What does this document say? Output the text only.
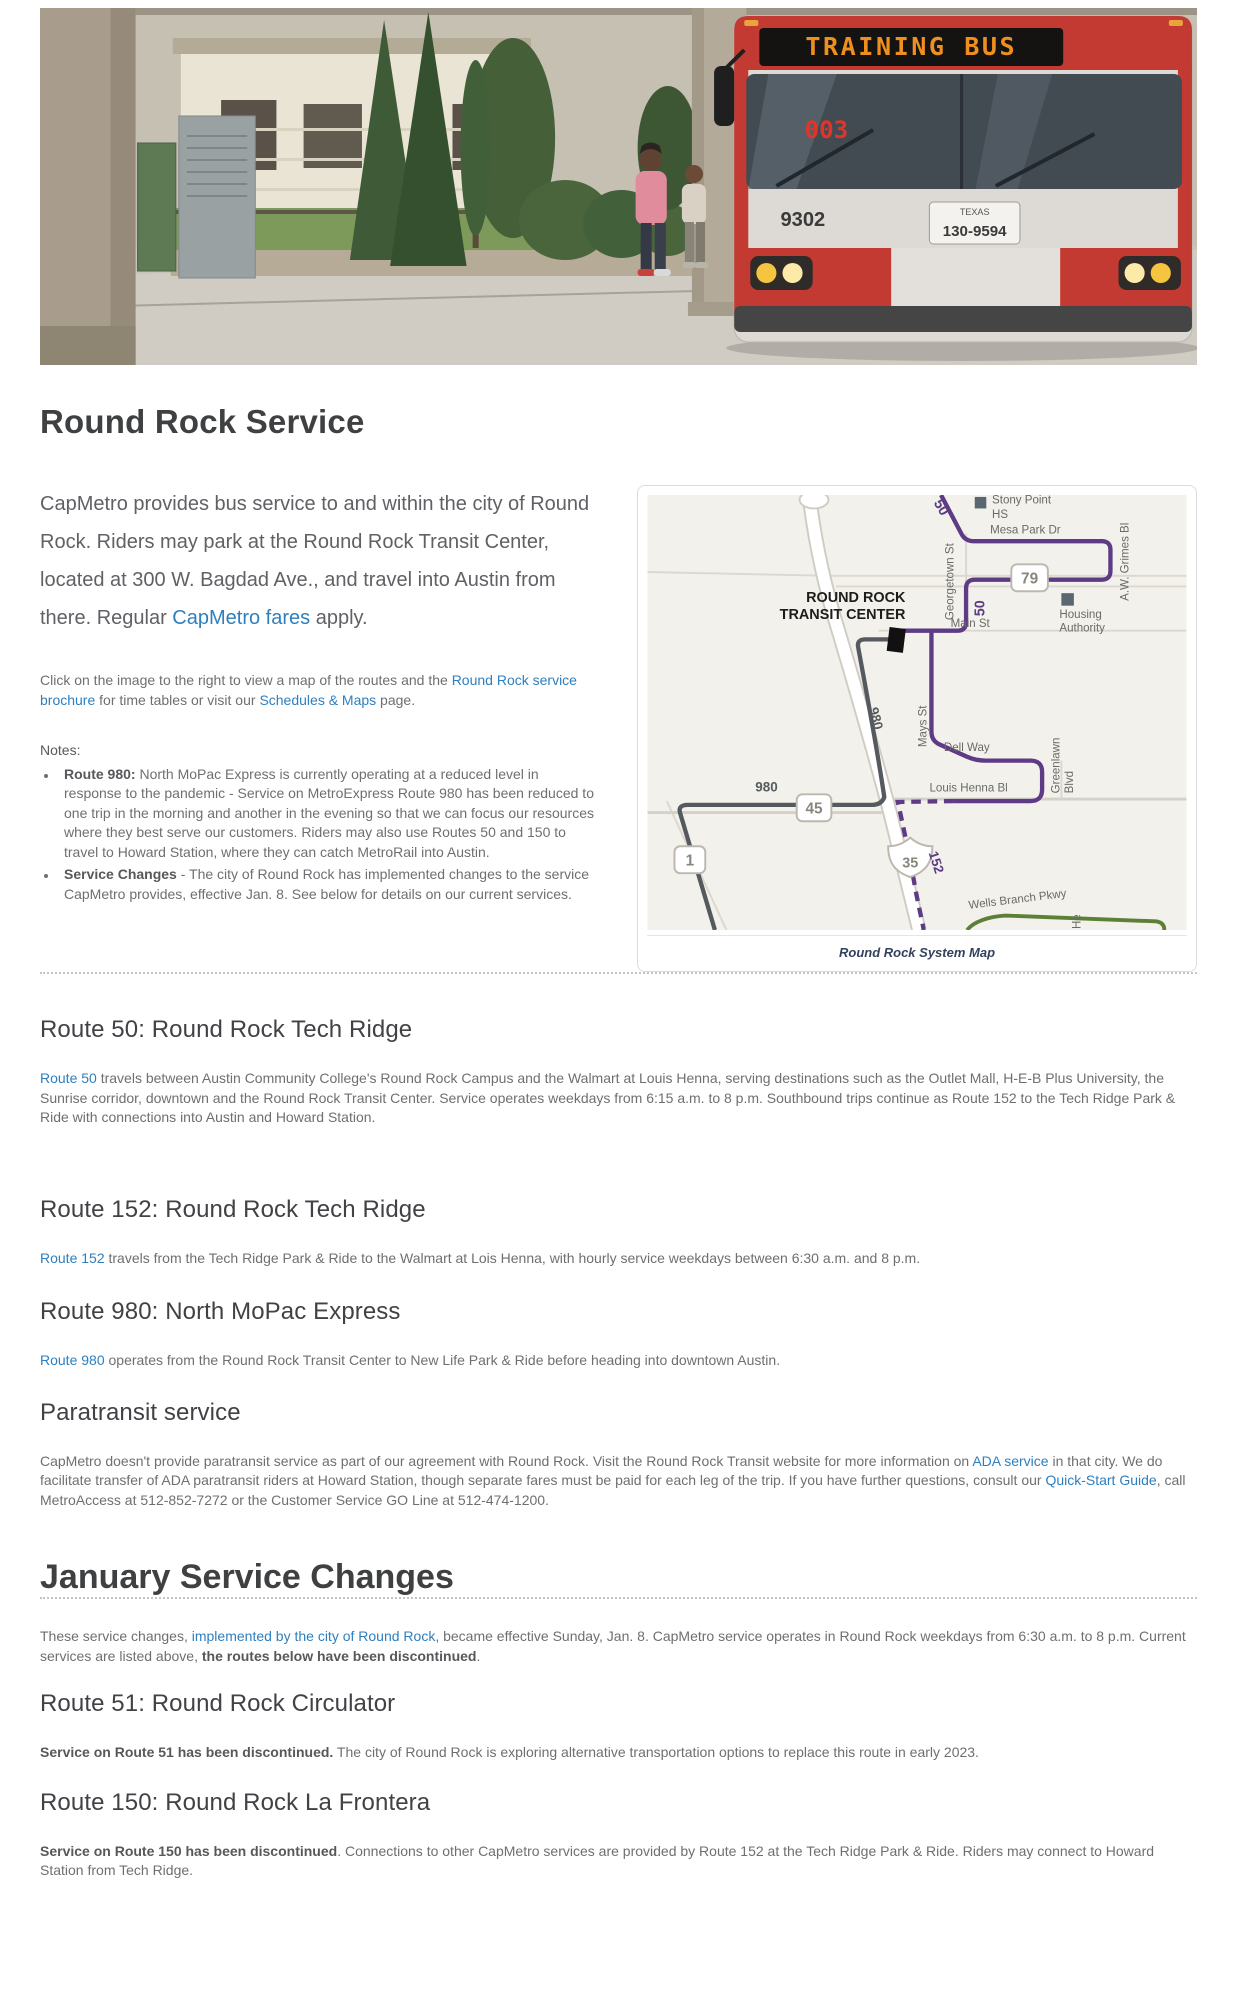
TRAINING BUS
003
9302	TEXAS
130-9594
Round Rock Service

CapMetro provides bus service to and within the city of Round Rock. Riders may park at the Round Rock Transit Center, located at 300 W. Bagdad Ave., and travel into Austin from there. Regular CapMetro fares apply.

Click on the image to the right to view a map of the routes and the Round Rock service brochure for time tables or visit our Schedules & Maps page.

Notes:

• Route 980: North MoPac Express is currently operating at a reduced level in response to the pandemic - Service on MetroExpress Route 980 has been reduced to one trip in the morning and another in the evening so that we can focus our resources where they best serve our customers. Riders may also use Routes 50 and 150 to travel to Howard Station, where they can catch MetroRail into Austin.
• Service Changes - The city of Round Rock has implemented changes to the service CapMetro provides, effective Jan. 8. See below for details on our current services.
79
45
1	35
50
50
980
980
152
Stony Point
HS
Mesa Park Dr	A.W. Grimes Bl
Georgetown St	Housing
Authority
Main St
Mays St
Dell Way
Louis Henna Bl	Greenlawn Blvd
Wells Branch Pkwy
He
ROUND ROCK
TRANSIT CENTER
Round Rock System Map
Route 50: Round Rock Tech Ridge

Route 50 travels between Austin Community College's Round Rock Campus and the Walmart at Louis Henna, serving destinations such as the Outlet Mall, H-E-B Plus University, the Sunrise corridor, downtown and the Round Rock Transit Center. Service operates weekdays from 6:15 a.m. to 8 p.m. Southbound trips continue as Route 152 to the Tech Ridge Park & Ride with connections into Austin and Howard Station.

Route 152: Round Rock Tech Ridge

Route 152 travels from the Tech Ridge Park & Ride to the Walmart at Lois Henna, with hourly service weekdays between 6:30 a.m. and 8 p.m.

Route 980: North MoPac Express

Route 980 operates from the Round Rock Transit Center to New Life Park & Ride before heading into downtown Austin.

Paratransit service

CapMetro doesn't provide paratransit service as part of our agreement with Round Rock. Visit the Round Rock Transit website for more information on ADA service in that city. We do facilitate transfer of ADA paratransit riders at Howard Station, though separate fares must be paid for each leg of the trip. If you have further questions, consult our Quick-Start Guide, call MetroAccess at 512-852-7272 or the Customer Service GO Line at 512-474-1200.

January Service Changes

These service changes, implemented by the city of Round Rock, became effective Sunday, Jan. 8. CapMetro service operates in Round Rock weekdays from 6:30 a.m. to 8 p.m. Current services are listed above, the routes below have been discontinued.

Route 51: Round Rock Circulator

Service on Route 51 has been discontinued. The city of Round Rock is exploring alternative transportation options to replace this route in early 2023.

Route 150: Round Rock La Frontera

Service on Route 150 has been discontinued. Connections to other CapMetro services are provided by Route 152 at the Tech Ridge Park & Ride. Riders may connect to Howard Station from Tech Ridge.
